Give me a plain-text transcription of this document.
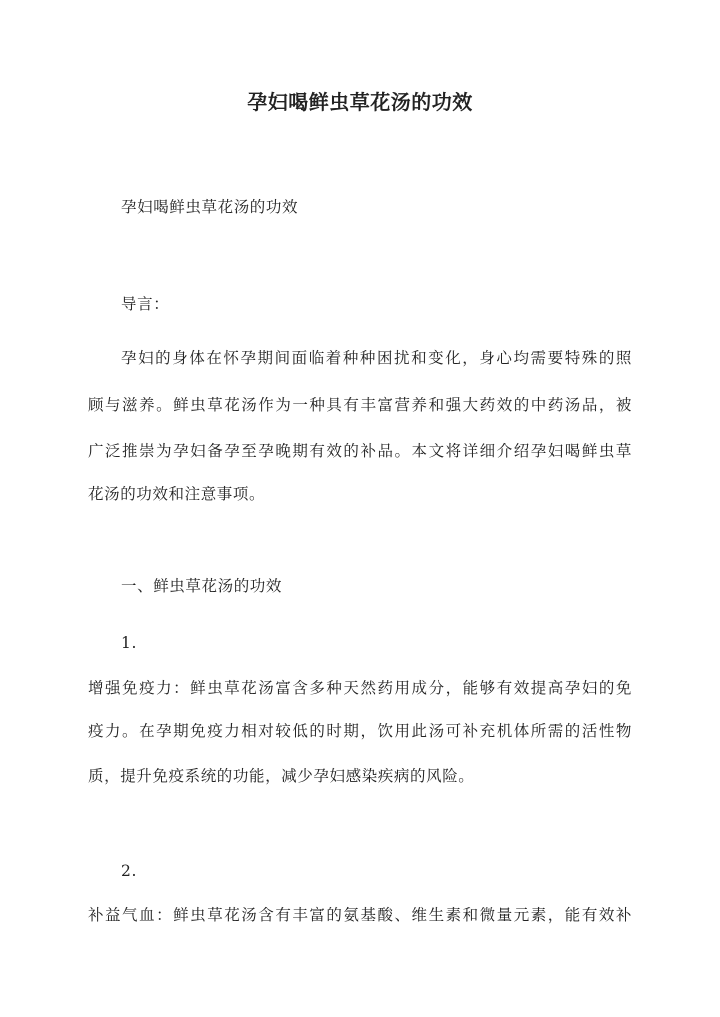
孕妇喝鲜虫草花汤的功效
孕妇喝鲜虫草花汤的功效
导言：
孕妇的身体在怀孕期间面临着种种困扰和变化，身心均需要特殊的照
顾与滋养。鲜虫草花汤作为一种具有丰富营养和强大药效的中药汤品，被
广泛推崇为孕妇备孕至孕晚期有效的补品。本文将详细介绍孕妇喝鲜虫草
花汤的功效和注意事项。
一、鲜虫草花汤的功效
1.
增强免疫力：鲜虫草花汤富含多种天然药用成分，能够有效提高孕妇的免
疫力。在孕期免疫力相对较低的时期，饮用此汤可补充机体所需的活性物
质，提升免疫系统的功能，减少孕妇感染疾病的风险。
2.
补益气血：鲜虫草花汤含有丰富的氨基酸、维生素和微量元素，能有效补
